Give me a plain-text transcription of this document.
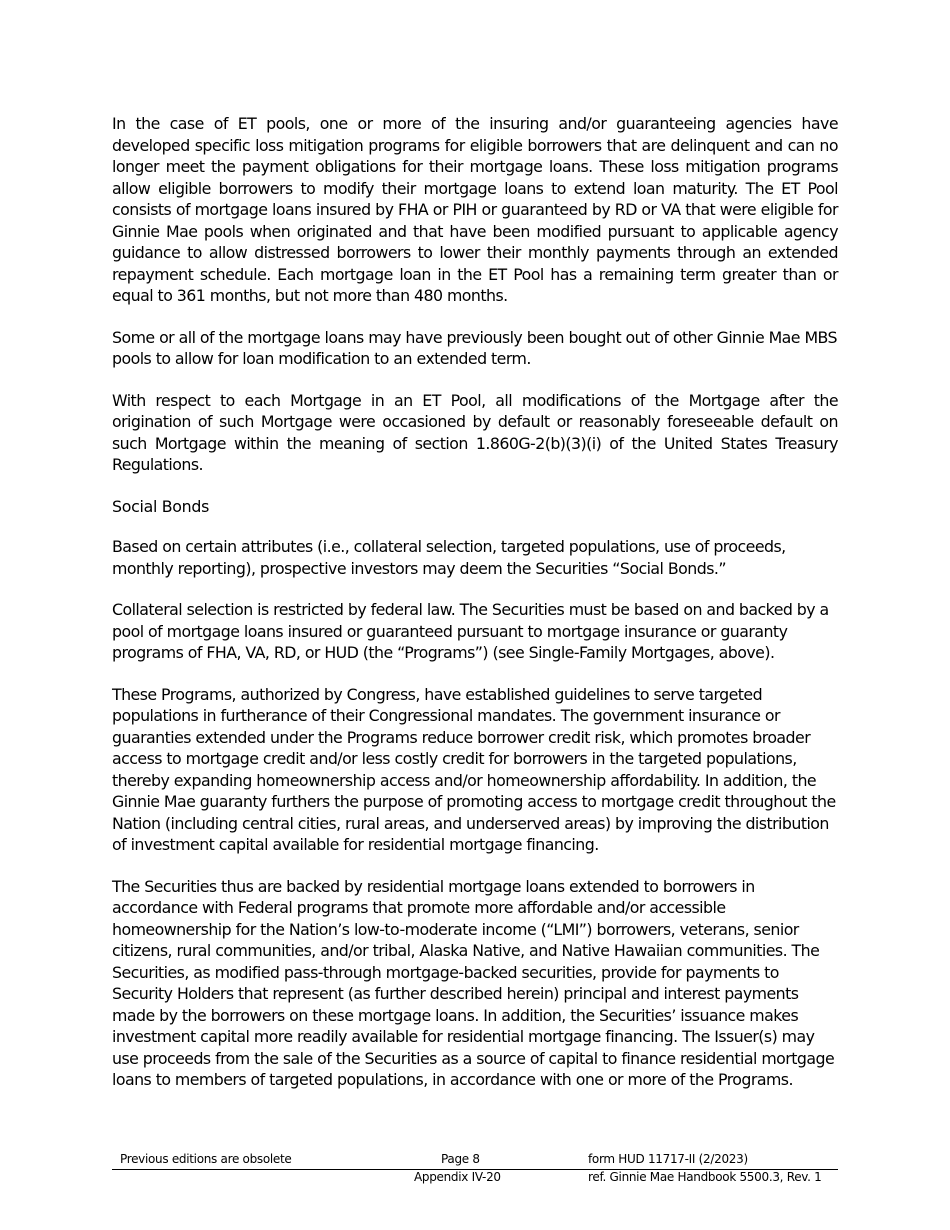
In the case of ET pools, one or more of the insuring and/or guaranteeing agencies have developed specific loss mitigation programs for eligible borrowers that are delinquent and can no longer meet the payment obligations for their mortgage loans. These loss mitigation programs allow eligible borrowers to modify their mortgage loans to extend loan maturity. The ET Pool consists of mortgage loans insured by FHA or PIH or guaranteed by RD or VA that were eligible for Ginnie Mae pools when originated and that have been modified pursuant to applicable agency guidance to allow distressed borrowers to lower their monthly payments through an extended repayment schedule. Each mortgage loan in the ET Pool has a remaining term greater than or equal to 361 months, but not more than 480 months.

Some or all of the mortgage loans may have previously been bought out of other Ginnie Mae MBS pools to allow for loan modification to an extended term.

With respect to each Mortgage in an ET Pool, all modifications of the Mortgage after the origination of such Mortgage were occasioned by default or reasonably foreseeable default on such Mortgage within the meaning of section 1.860G-2(b)(3)(i) of the United States Treasury Regulations.

Social Bonds

Based on certain attributes (i.e., collateral selection, targeted populations, use of proceeds, monthly reporting), prospective investors may deem the Securities “Social Bonds.”

Collateral selection is restricted by federal law. The Securities must be based on and backed by a pool of mortgage loans insured or guaranteed pursuant to mortgage insurance or guaranty programs of FHA, VA, RD, or HUD (the “Programs”) (see Single-Family Mortgages, above).

These Programs, authorized by Congress, have established guidelines to serve targeted populations in furtherance of their Congressional mandates. The government insurance or guaranties extended under the Programs reduce borrower credit risk, which promotes broader access to mortgage credit and/or less costly credit for borrowers in the targeted populations, thereby expanding homeownership access and/or homeownership affordability. In addition, the Ginnie Mae guaranty furthers the purpose of promoting access to mortgage credit throughout the Nation (including central cities, rural areas, and underserved areas) by improving the distribution of investment capital available for residential mortgage financing.

The Securities thus are backed by residential mortgage loans extended to borrowers in accordance with Federal programs that promote more affordable and/or accessible homeownership for the Nation’s low-to-moderate income (“LMI”) borrowers, veterans, senior citizens, rural communities, and/or tribal, Alaska Native, and Native Hawaiian communities. The Securities, as modified pass-through mortgage-backed securities, provide for payments to Security Holders that represent (as further described herein) principal and interest payments made by the borrowers on these mortgage loans. In addition, the Securities’ issuance makes investment capital more readily available for residential mortgage financing. The Issuer(s) may use proceeds from the sale of the Securities as a source of capital to finance residential mortgage loans to members of targeted populations, in accordance with one or more of the Programs.

Previous editions are obsolete	Page 8	form HUD 11717-II (2/2023)
Appendix IV-20	ref. Ginnie Mae Handbook 5500.3, Rev. 1
